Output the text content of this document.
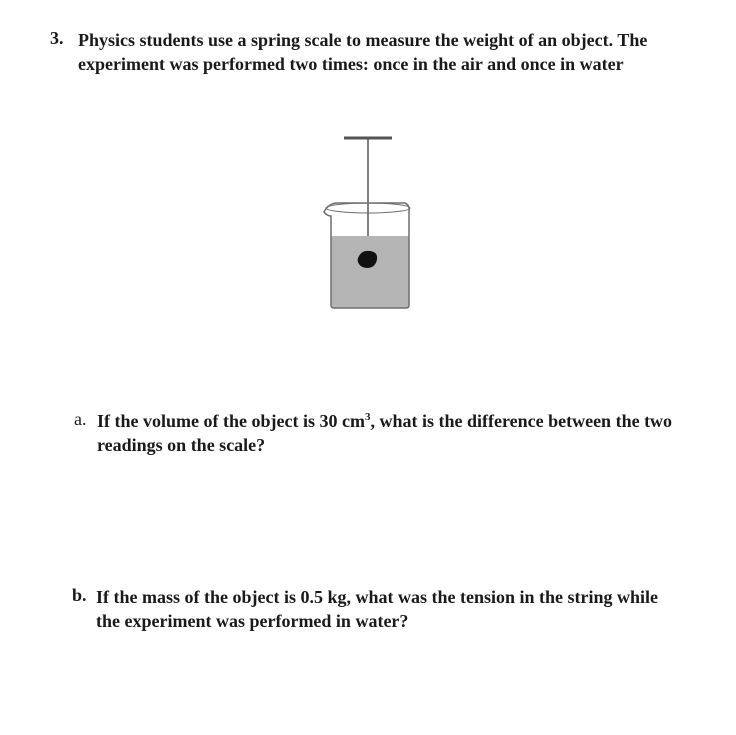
3. Physics students use a spring scale to measure the weight of an object. The experiment was performed two times: once in the air and once in water
a. If the volume of the object is 30 $cm^3$, what is the difference between the two readings on the scale?
b. If the mass of the object is 0.5 kg, what was the tension in the string while the experiment was performed in water?
